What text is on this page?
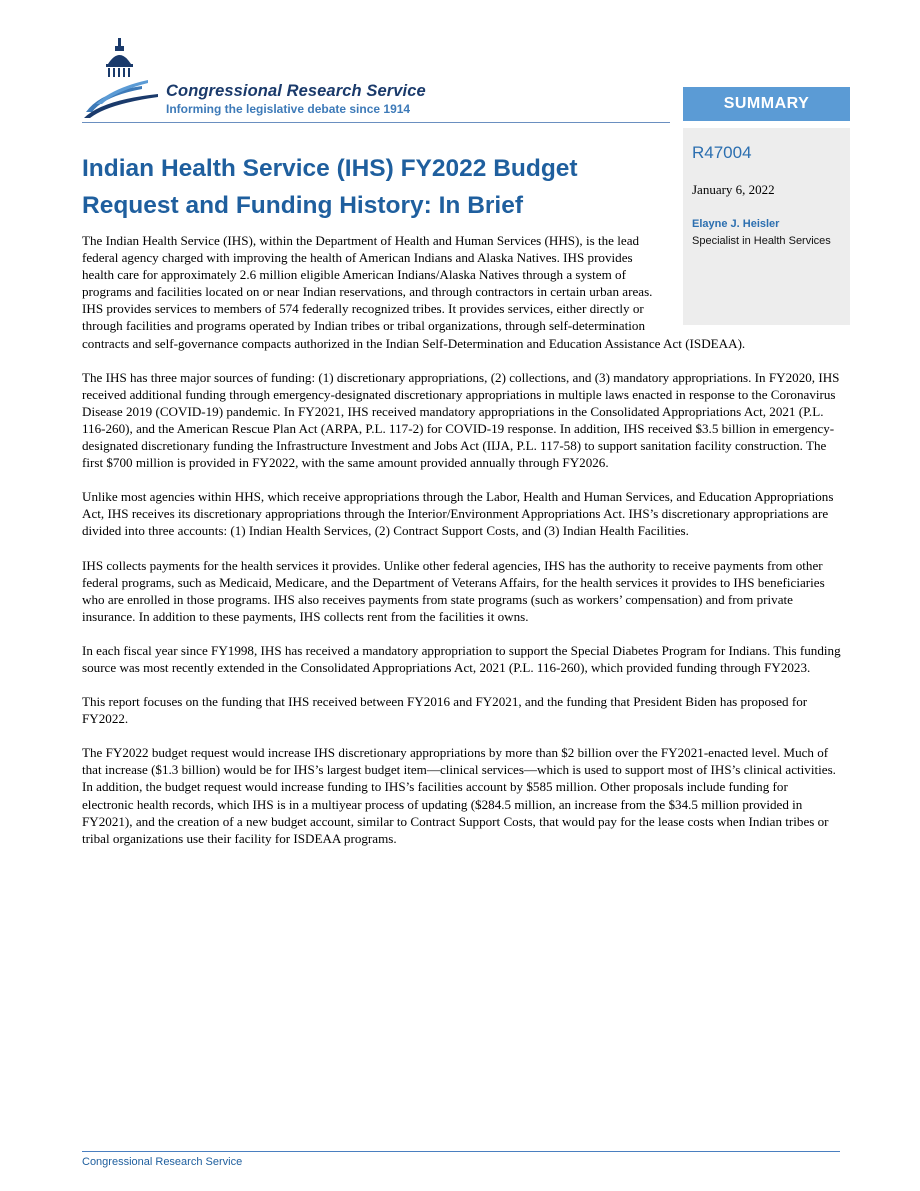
Congressional Research Service
Informing the legislative debate since 1914	SUMMARY
R47004
January 6, 2022
Elayne J. Heisler
Specialist in Health Services
Indian Health Service (IHS) FY2022 Budget Request and Funding History: In Brief

The Indian Health Service (IHS), within the Department of Health and Human Services (HHS), is the lead federal agency charged with improving the health of American Indians and Alaska Natives. IHS provides health care for approximately 2.6 million eligible American Indians/Alaska Natives through a system of programs and facilities located on or near Indian reservations, and through contractors in certain urban areas. IHS provides services to members of 574 federally recognized tribes. It provides services, either directly or through facilities and programs operated by Indian tribes or tribal organizations, through self-determination contracts and self-governance compacts authorized in the Indian Self-Determination and Education Assistance Act (ISDEAA).

The IHS has three major sources of funding: (1) discretionary appropriations, (2) collections, and (3) mandatory appropriations. In FY2020, IHS received additional funding through emergency-designated discretionary appropriations in multiple laws enacted in response to the Coronavirus Disease 2019 (COVID-19) pandemic. In FY2021, IHS received mandatory appropriations in the Consolidated Appropriations Act, 2021 (P.L. 116-260), and the American Rescue Plan Act (ARPA, P.L. 117-2) for COVID-19 response. In addition, IHS received $3.5 billion in emergency-designated discretionary funding the Infrastructure Investment and Jobs Act (IIJA, P.L. 117-58) to support sanitation facility construction. The first $700 million is provided in FY2022, with the same amount provided annually through FY2026.

Unlike most agencies within HHS, which receive appropriations through the Labor, Health and Human Services, and Education Appropriations Act, IHS receives its discretionary appropriations through the Interior/Environment Appropriations Act. IHS’s discretionary appropriations are divided into three accounts: (1) Indian Health Services, (2) Contract Support Costs, and (3) Indian Health Facilities.

IHS collects payments for the health services it provides. Unlike other federal agencies, IHS has the authority to receive payments from other federal programs, such as Medicaid, Medicare, and the Department of Veterans Affairs, for the health services it provides to IHS beneficiaries who are enrolled in those programs. IHS also receives payments from state programs (such as workers’ compensation) and from private insurance. In addition to these payments, IHS collects rent from the facilities it owns.

In each fiscal year since FY1998, IHS has received a mandatory appropriation to support the Special Diabetes Program for Indians. This funding source was most recently extended in the Consolidated Appropriations Act, 2021 (P.L. 116-260), which provided funding through FY2023.

This report focuses on the funding that IHS received between FY2016 and FY2021, and the funding that President Biden has proposed for FY2022.

The FY2022 budget request would increase IHS discretionary appropriations by more than $2 billion over the FY2021-enacted level. Much of that increase ($1.3 billion) would be for IHS’s largest budget item—clinical services—which is used to support most of IHS’s clinical activities. In addition, the budget request would increase funding to IHS’s facilities account by $585 million. Other proposals include funding for electronic health records, which IHS is in a multiyear process of updating ($284.5 million, an increase from the $34.5 million provided in FY2021), and the creation of a new budget account, similar to Contract Support Costs, that would pay for the lease costs when Indian tribes or tribal organizations use their facility for ISDEAA programs.

Congressional Research Service
